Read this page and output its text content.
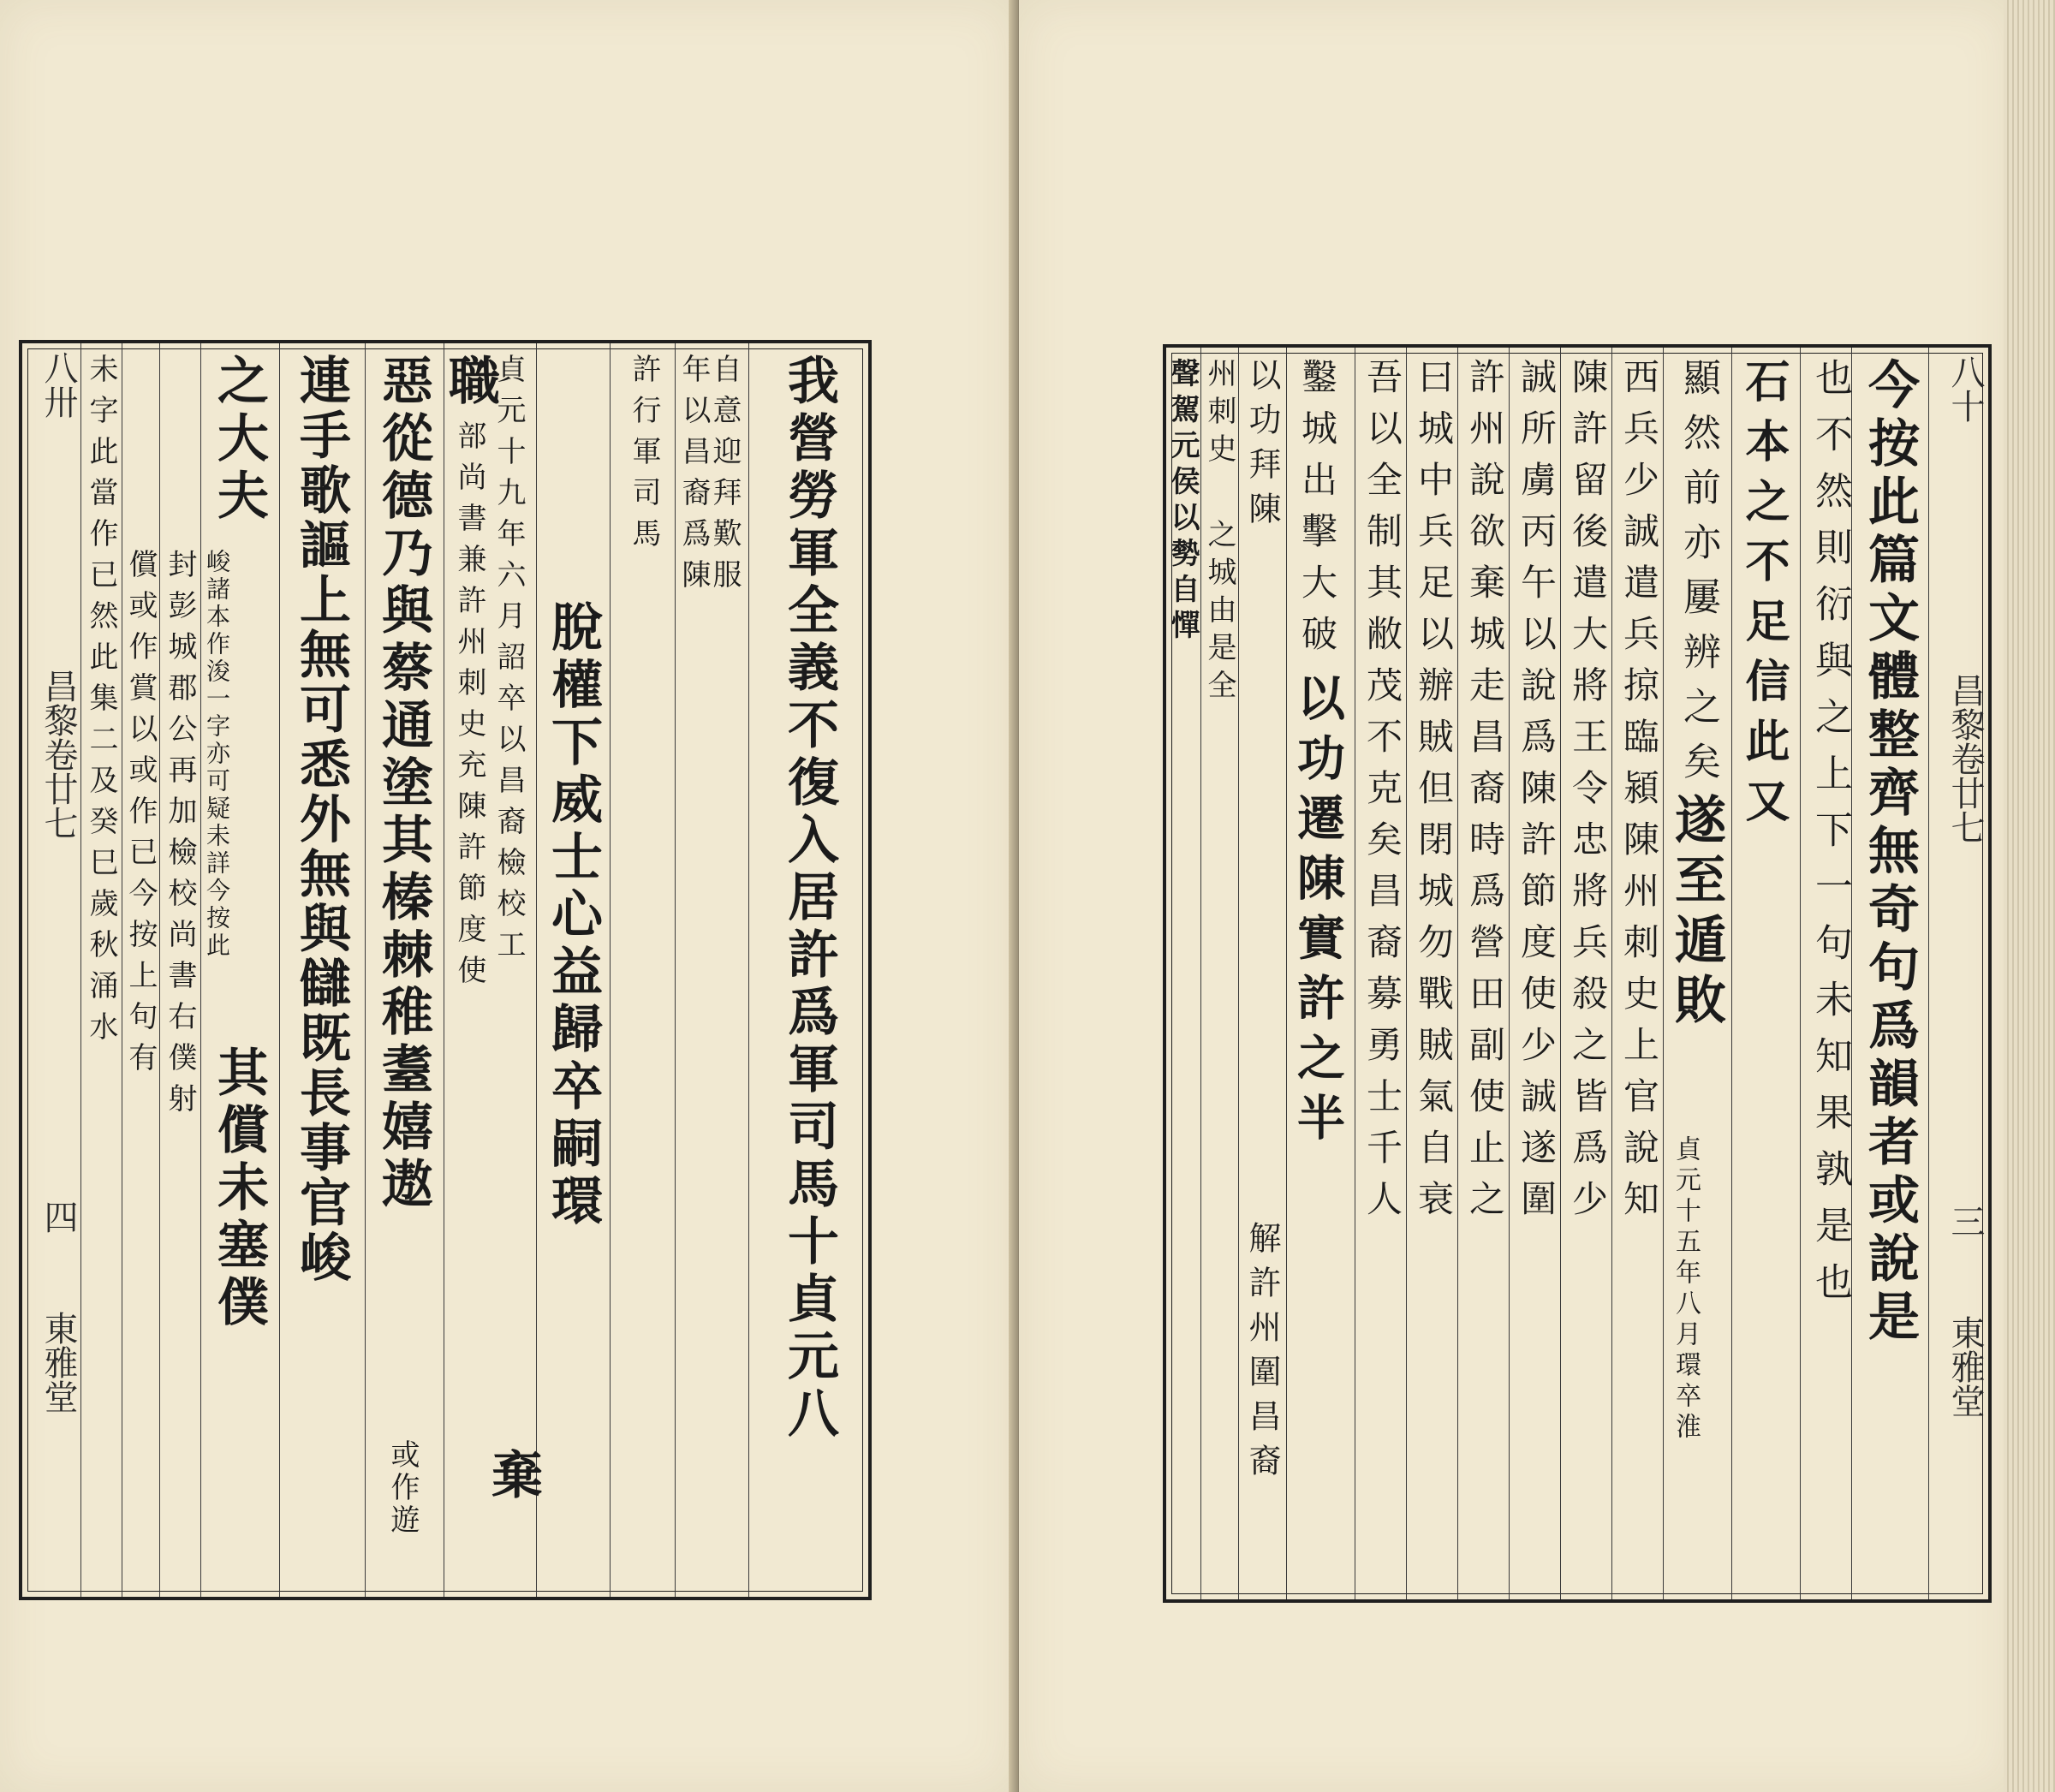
八卅
昌黎卷廿七
四
東雅堂	我營勞軍全義不復入居許爲軍司馬十貞元八
自意迎拜歎服
年以昌裔爲陳
許行軍司馬
脫權下威士心益歸卒嗣環
貞元十九年六月詔卒以昌裔檢校工
職
部尚書兼許州刺史充陳許節度使
棄
惡從德乃與蔡通塗其榛棘稚耋嬉遨
或作遊
連手歌謳上無可悉外無與讎既長事官峻
之大夫
峻諸本作浚一字亦可疑未詳今按此
其償未塞僕
封彭城郡公再加檢校尚書右僕射
償或作賞以或作已今按上句有
未字此當作已然此集二及癸巳歲秋涌水	八十
昌黎卷廿七
三
東雅堂
今按此篇文體整齊無奇句爲韻者或說是
也不然則衍與之上下一句未知果孰是也
石本之不足信此又
顯然前亦屢辨之矣
遂至遁敗
貞元十五年八月環卒淮
西兵少誠遣兵掠臨潁陳州刺史上官說知
陳許留後遣大將王令忠將兵殺之皆爲少
誠所虜丙午以說爲陳許節度使少誠遂圍
許州說欲棄城走昌裔時爲營田副使止之
曰城中兵足以辦賊但閉城勿戰賊氣自衰
吾以全制其敝茂不克矣昌裔募勇士千人
鑿城出擊大破
以功遷陳實許之半
以功拜陳
解許州圍昌裔
州刺史
之城由是全
聲駕元侯以勢自憚
